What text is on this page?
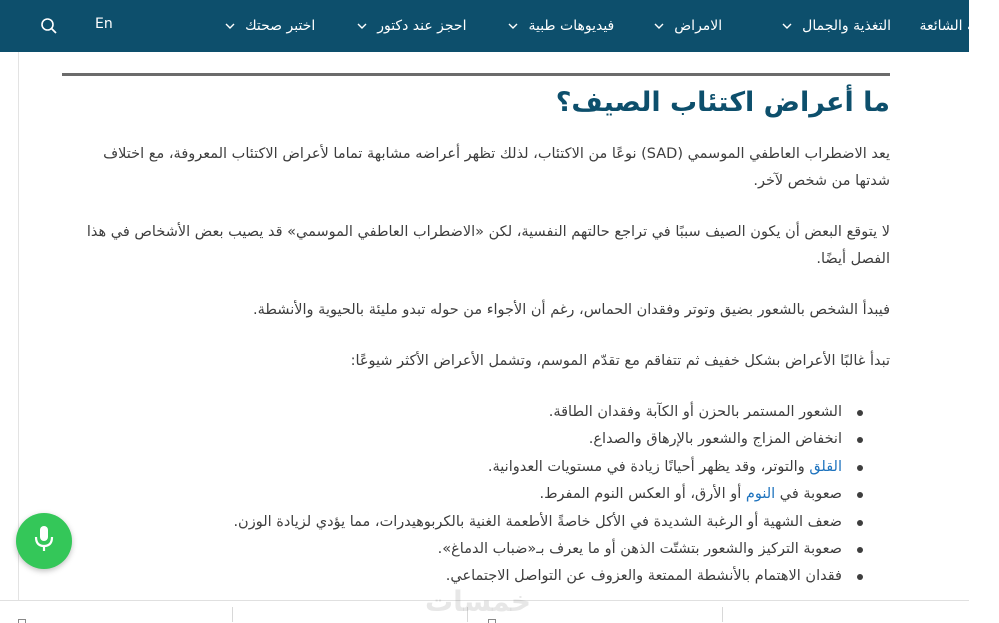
أسئلة الشائعة
التغذية والجمال
الامراض
فيديوهات طبية
احجز عند دكتور
اختبر صحتك
En
ما أعراض اكتئاب الصيف؟

يعد الاضطراب العاطفي الموسمي (SAD) نوعًا من الاكتئاب، لذلك تظهر أعراضه مشابهة تماما لأعراض الاكتئاب المعروفة، مع اختلاف شدتها من شخص لآخر.

لا يتوقع البعض أن يكون الصيف سببًا في تراجع حالتهم النفسية، لكن «الاضطراب العاطفي الموسمي» قد يصيب بعض الأشخاص في هذا الفصل أيضًا.

فيبدأ الشخص بالشعور بضيق وتوتر وفقدان الحماس، رغم أن الأجواء من حوله تبدو مليئة بالحيوية والأنشطة.

تبدأ غالبًا الأعراض بشكل خفيف ثم تتفاقم مع تقدّم الموسم، وتشمل الأعراض الأكثر شيوعًا:

الشعور المستمر بالحزن أو الكآبة وفقدان الطاقة.
انخفاض المزاج والشعور بالإرهاق والصداع.
القلق والتوتر، وقد يظهر أحيانًا زيادة في مستويات العدوانية.
صعوبة في النوم أو الأرق، أو العكس النوم المفرط.
ضعف الشهية أو الرغبة الشديدة في الأكل خاصةً الأطعمة الغنية بالكربوهيدرات، مما يؤدي لزيادة الوزن.
صعوبة التركيز والشعور بتشتّت الذهن أو ما يعرف بـ«ضباب الدماغ».
فقدان الاهتمام بالأنشطة الممتعة والعزوف عن التواصل الاجتماعي.
خمسات
